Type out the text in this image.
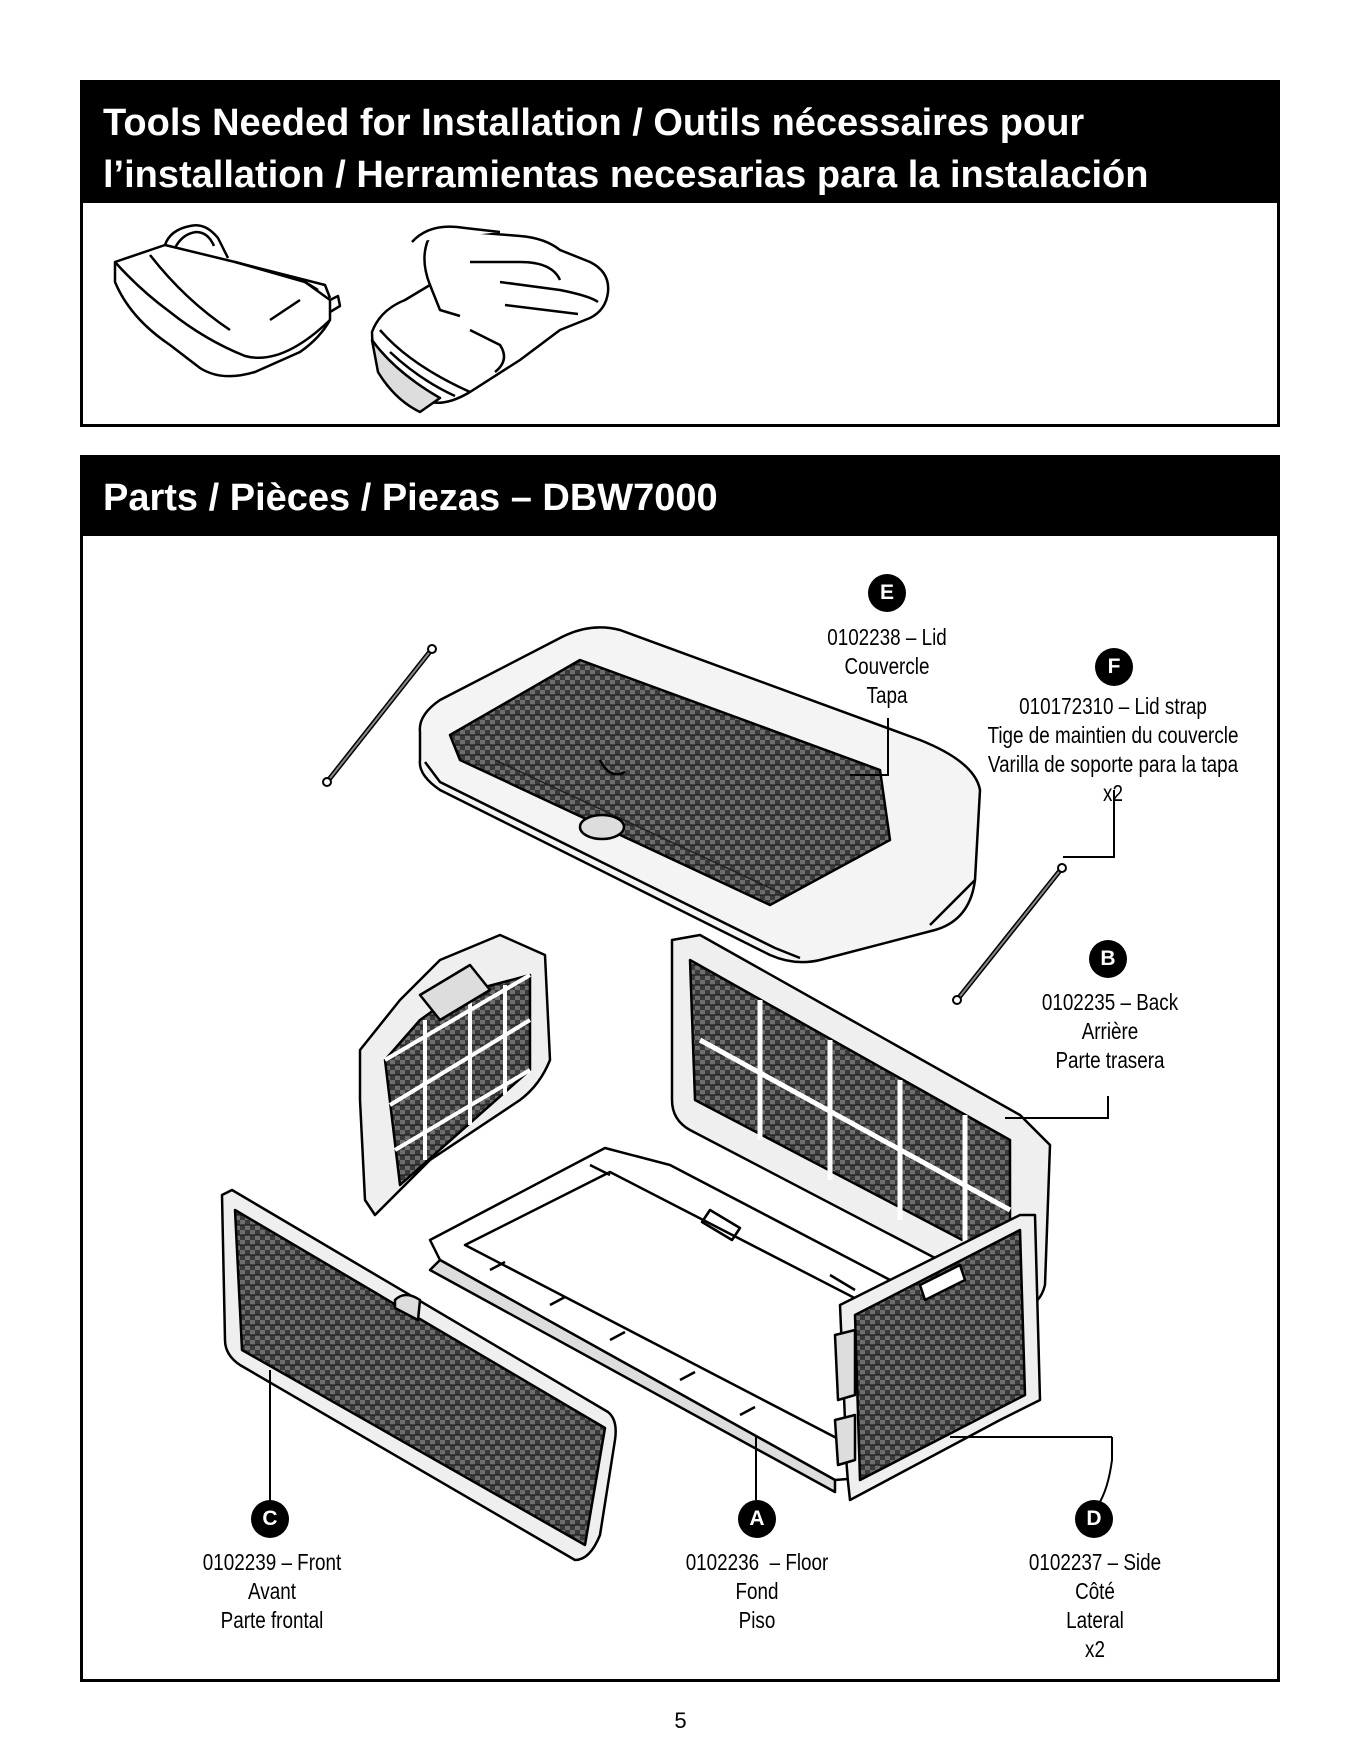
Tools Needed for Installation / Outils nécessaires pour
l’installation / Herramientas necesarias para la instalación
Parts / Pièces / Piezas – DBW7000
E
F
B
C	A	D
0102238 – Lid
Couvercle
Tapa	010172310 – Lid strap
Tige de maintien du couvercle
Varilla de soporte para la tapa
x2
0102235 – Back
Arrière
Parte trasera
0102239 – Front
Avant
Parte frontal
0102236  – Floor
Fond
Piso
0102237 – Side
Côté
Lateral
x2
5
